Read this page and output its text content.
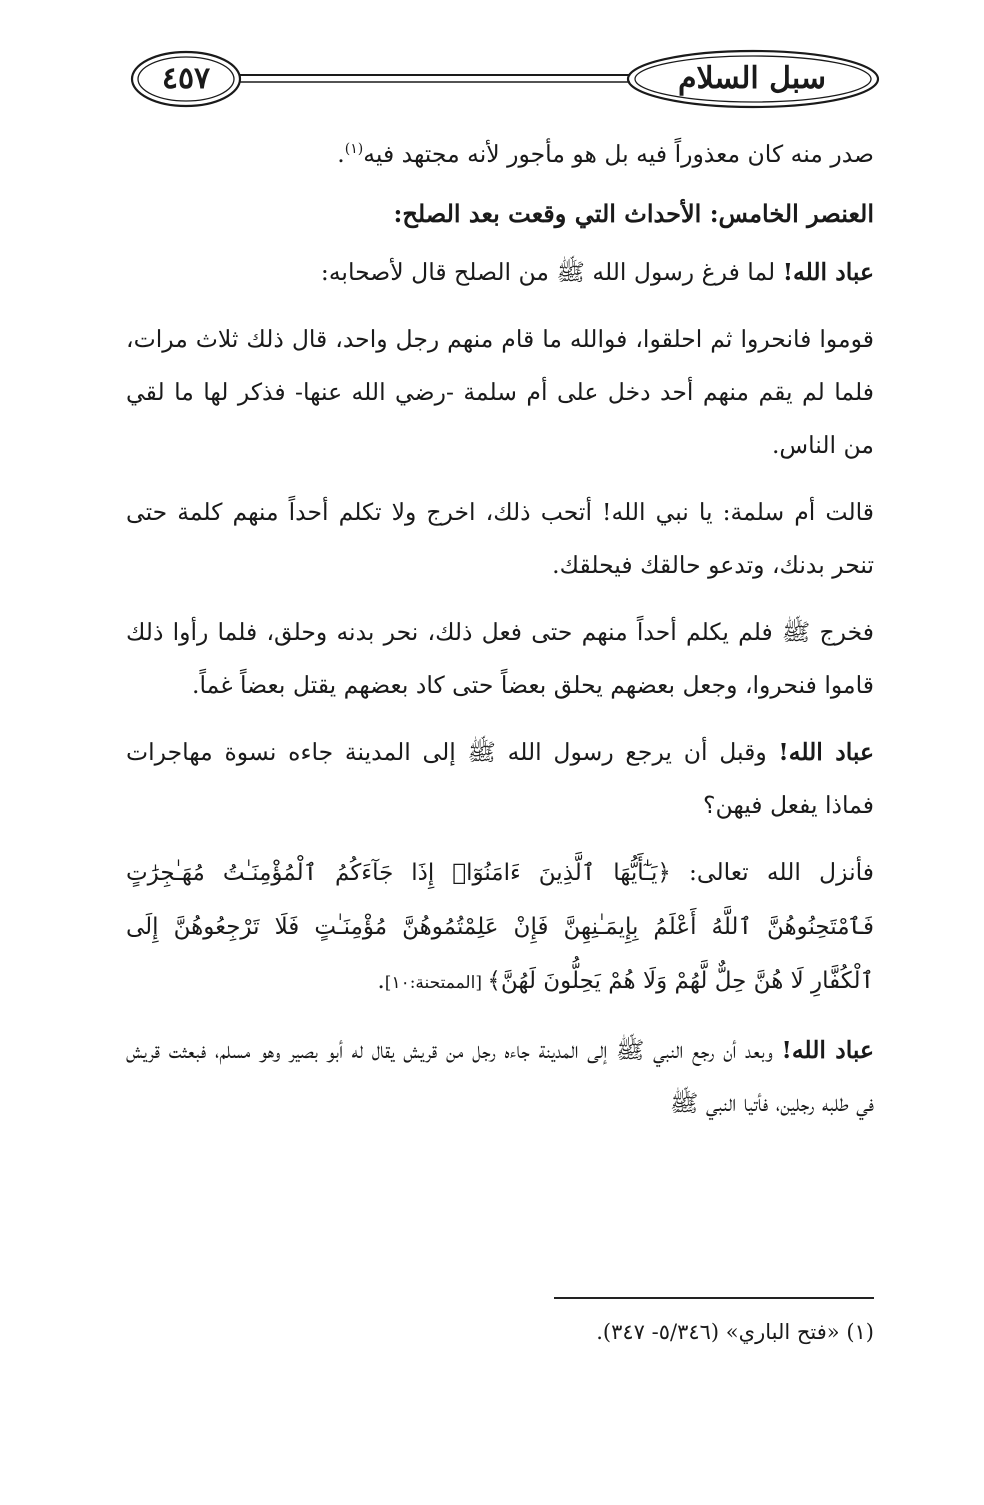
٤٥٧	سبل السلام

صدر منه كان معذوراً فيه بل هو مأجور لأنه مجتهد فيه$^{(١)}$.

العنصر الخامس: الأحداث التي وقعت بعد الصلح:

عباد الله! لما فرغ رسول الله ﷺ من الصلح قال لأصحابه:

قوموا فانحروا ثم احلقوا، فوالله ما قام منهم رجل واحد، قال ذلك ثلاث مرات، فلما لم يقم منهم أحد دخل على أم سلمة -رضي الله عنها- فذكر لها ما لقي من الناس.

قالت أم سلمة: يا نبي الله! أتحب ذلك، اخرج ولا تكلم أحداً منهم كلمة حتى تنحر بدنك، وتدعو حالقك فيحلقك.

فخرج ﷺ فلم يكلم أحداً منهم حتى فعل ذلك، نحر بدنه وحلق، فلما رأوا ذلك قاموا فنحروا، وجعل بعضهم يحلق بعضاً حتى كاد بعضهم يقتل بعضاً غماً.

عباد الله! وقبل أن يرجع رسول الله ﷺ إلى المدينة جاءه نسوة مهاجرات فماذا يفعل فيهن؟

فأنزل الله تعالى: ﴿يَـٰٓأَيُّهَا ٱلَّذِينَ ءَامَنُوٓا۟ إِذَا جَآءَكُمُ ٱلْمُؤْمِنَـٰتُ مُهَـٰجِرَٰتٍ فَٱمْتَحِنُوهُنَّ ٱللَّهُ أَعْلَمُ بِإِيمَـٰنِهِنَّ فَإِنْ عَلِمْتُمُوهُنَّ مُؤْمِنَـٰتٍ فَلَا تَرْجِعُوهُنَّ إِلَى ٱلْكُفَّارِ لَا هُنَّ حِلٌّ لَّهُمْ وَلَا هُمْ يَحِلُّونَ لَهُنَّ﴾ [الممتحنة:١٠].

عباد الله! وبعد أن رجع النبي ﷺ إلى المدينة جاءه رجل من قريش يقال له أبو بصير وهو مسلم، فبعثت قريش في طلبه رجلين، فأتيا النبي ﷺ

(١) «فتح الباري» (٥/٣٤٦- ٣٤٧).
